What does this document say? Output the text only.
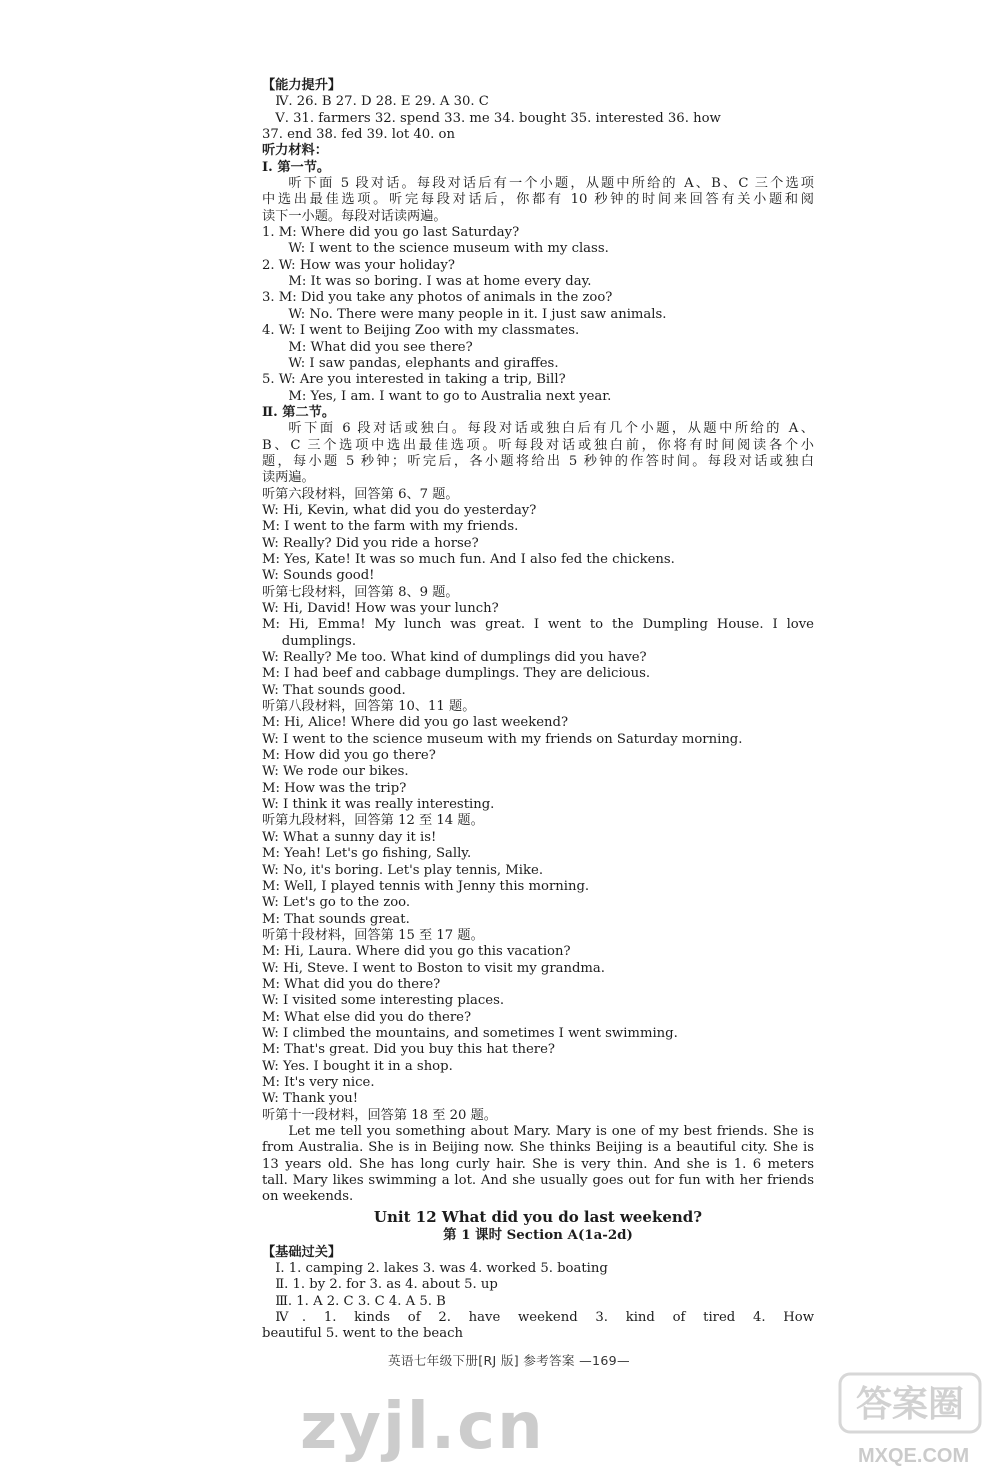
【能力提升】
Ⅳ. 26. B 27. D 28. E 29. A 30. C
Ⅴ. 31. farmers 32. spend 33. me 34. bought 35. interested 36. how
37. end 38. fed 39. lot 40. on
听力材料：
Ⅰ. 第一节。
听下面 5 段对话。每段对话后有一个小题，从题中所给的 A、B、C 三个选项
中选出最佳选项。听完每段对话后，你都有 10 秒钟的时间来回答有关小题和阅
读下一小题。每段对话读两遍。
1. M: Where did you go last Saturday?
W: I went to the science museum with my class.
2. W: How was your holiday?
M: It was so boring. I was at home every day.
3. M: Did you take any photos of animals in the zoo?
W: No. There were many people in it. I just saw animals.
4. W: I went to Beijing Zoo with my classmates.
M: What did you see there?
W: I saw pandas, elephants and giraffes.
5. W: Are you interested in taking a trip, Bill?
M: Yes, I am. I want to go to Australia next year.
Ⅱ. 第二节。
听下面 6 段对话或独白。每段对话或独白后有几个小题，从题中所给的 A、
B、C 三个选项中选出最佳选项。听每段对话或独白前，你将有时间阅读各个小
题，每小题 5 秒钟；听完后，各小题将给出 5 秒钟的作答时间。每段对话或独白
读两遍。
听第六段材料，回答第 6、7 题。
W: Hi, Kevin, what did you do yesterday?
M: I went to the farm with my friends.
W: Really? Did you ride a horse?
M: Yes, Kate! It was so much fun. And I also fed the chickens.
W: Sounds good!
听第七段材料，回答第 8、9 题。
W: Hi, David! How was your lunch?
M: Hi, Emma! My lunch was great. I went to the Dumpling House. I love
dumplings.
W: Really? Me too. What kind of dumplings did you have?
M: I had beef and cabbage dumplings. They are delicious.
W: That sounds good.
听第八段材料，回答第 10、11 题。
M: Hi, Alice! Where did you go last weekend?
W: I went to the science museum with my friends on Saturday morning.
M: How did you go there?
W: We rode our bikes.
M: How was the trip?
W: I think it was really interesting.
听第九段材料，回答第 12 至 14 题。
W: What a sunny day it is!
M: Yeah! Let's go fishing, Sally.
W: No, it's boring. Let's play tennis, Mike.
M: Well, I played tennis with Jenny this morning.
W: Let's go to the zoo.
M: That sounds great.
听第十段材料，回答第 15 至 17 题。
M: Hi, Laura. Where did you go this vacation?
W: Hi, Steve. I went to Boston to visit my grandma.
M: What did you do there?
W: I visited some interesting places.
M: What else did you do there?
W: I climbed the mountains, and sometimes I went swimming.
M: That's great. Did you buy this hat there?
W: Yes. I bought it in a shop.
M: It's very nice.
W: Thank you!
听第十一段材料，回答第 18 至 20 题。
Let me tell you something about Mary. Mary is one of my best friends. She is
from Australia. She is in Beijing now. She thinks Beijing is a beautiful city. She is
13 years old. She has long curly hair. She is very thin. And she is 1. 6 meters
tall. Mary likes swimming a lot. And she usually goes out for fun with her friends
on weekends.
Unit 12 What did you do last weekend?
第 1 课时 Section A(1a-2d)
【基础过关】
Ⅰ. 1. camping 2. lakes 3. was 4. worked 5. boating
Ⅱ. 1. by 2. for 3. as 4. about 5. up
Ⅲ. 1. A 2. C 3. C 4. A 5. B
Ⅳ. 1. kinds of 2. have weekend 3. kind of tired 4. How
beautiful 5. went to the beach
英语七年级下册[RJ 版] 参考答案 —169—
zyjl.cn	答案圈
MXQE.COM
